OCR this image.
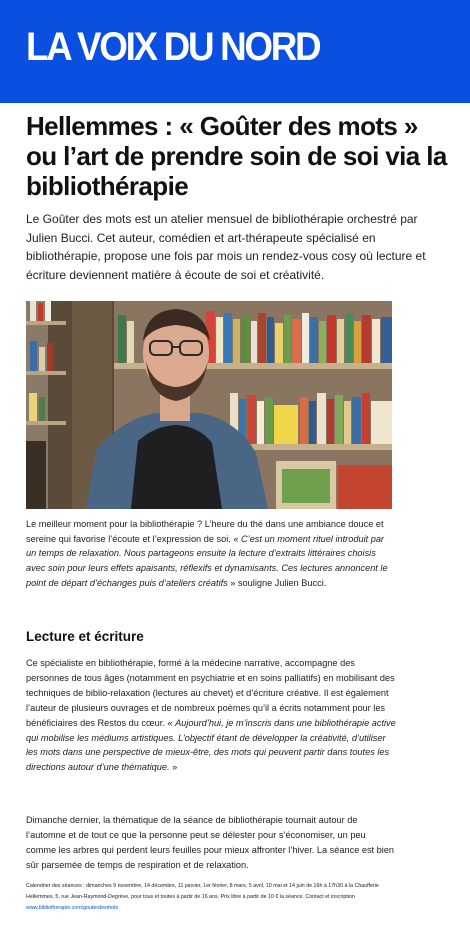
LA VOIX DU NORD
Hellemmes : « Goûter des mots » ou l’art de prendre soin de soi via la bibliothérapie

Le Goûter des mots est un atelier mensuel de bibliothérapie orchestré par Julien Bucci. Cet auteur, comédien et art-thérapeute spécialisé en bibliothérapie, propose une fois par mois un rendez-vous cosy où lecture et écriture deviennent matière à écoute de soi et créativité.

Le meilleur moment pour la bibliothérapie ? L’heure du thé dans une ambiance douce et sereine qui favorise l’écoute et l’expression de soi. « C’est un moment rituel introduit par un temps de relaxation. Nous partageons ensuite la lecture d’extraits littéraires choisis avec soin pour leurs effets apaisants, réflexifs et dynamisants. Ces lectures annoncent le point de départ d’échanges puis d’ateliers créatifs » souligne Julien Bucci.

Lecture et écriture

Ce spécialiste en bibliothérapie, formé à la médecine narrative, accompagne des personnes de tous âges (notamment en psychiatrie et en soins palliatifs) en mobilisant des techniques de biblio-relaxation (lectures au chevet) et d’écriture créative. Il est également l’auteur de plusieurs ouvrages et de nombreux poèmes qu’il a écrits notamment pour les bénéficiaires des Restos du cœur. « Aujourd’hui, je m’inscris dans une bibliothérapie active qui mobilise les médiums artistiques. L’objectif étant de développer la créativité, d’utiliser les mots dans une perspective de mieux-être, des mots qui peuvent partir dans toutes les directions autour d’une thématique. »

Dimanche dernier, la thématique de la séance de bibliothérapie tournait autour de l’automne et de tout ce que la personne peut se délester pour s’économiser, un peu comme les arbres qui perdent leurs feuilles pour mieux affronter l’hiver. La séance est bien sûr parsemée de temps de respiration et de relaxation.

Calendrier des séances : dimanches 9 novembre, 14 décembre, 11 janvier, 1er février, 8 mars, 5 avril, 10 mai et 14 juin de 16h à 17h30 à la Chaufferie Hellemmes, 5, rue Jean-Raymond-Degrève, pour tous et toutes à partir de 16 ans. Prix libre à partir de 10 € la séance. Contact et inscription www.bibliotherapie.com/gouterdesmots
